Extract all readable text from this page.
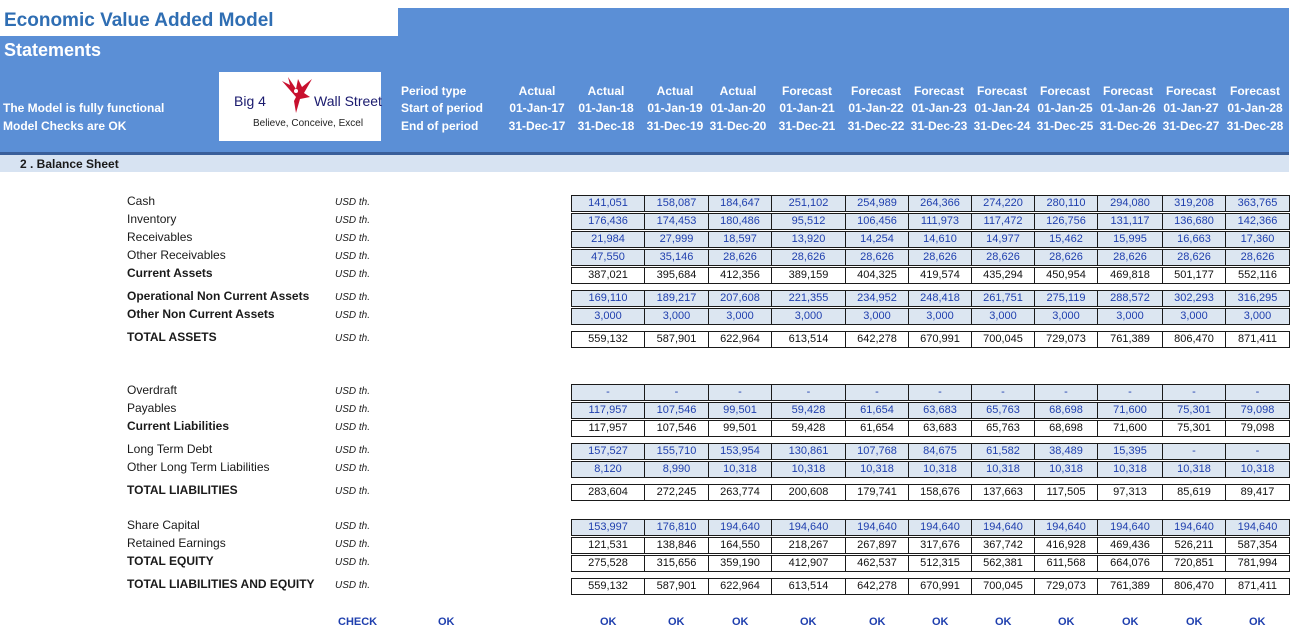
Economic Value Added Model
Statements
The Model is fully functional
Model Checks are OK
Big 4	Wall Street
Believe, Conceive, Excel
Period type
Start of period
End of period
Actual	Actual	Actual	Actual	Forecast	Forecast	Forecast	Forecast	Forecast	Forecast	Forecast	Forecast
01-Jan-17	01-Jan-18	01-Jan-19 01-Jan-20	01-Jan-21	01-Jan-22 01-Jan-23 01-Jan-24 01-Jan-25 01-Jan-26 01-Jan-27 01-Jan-28
31-Dec-17	31-Dec-18	31-Dec-19 31-Dec-20	31-Dec-21	31-Dec-22 31-Dec-23 31-Dec-24 31-Dec-25 31-Dec-26 31-Dec-27 31-Dec-28
2 . Balance Sheet
Cash	USD th.	141,051	158,087	184,647	251,102	254,989	264,366	274,220	280,110	294,080	319,208	363,765
Inventory	USD th.	176,436	174,453	180,486	95,512	106,456	111,973	117,472	126,756	131,117	136,680	142,366
Receivables	USD th.	21,984	27,999	18,597	13,920	14,254	14,610	14,977	15,462	15,995	16,663	17,360
Other Receivables	USD th.	47,550	35,146	28,626	28,626	28,626	28,626	28,626	28,626	28,626	28,626	28,626
Current Assets	USD th.	387,021	395,684	412,356	389,159	404,325	419,574	435,294	450,954	469,818	501,177	552,116
Operational Non Current Assets	USD th.	169,110	189,217	207,608	221,355	234,952	248,418	261,751	275,119	288,572	302,293	316,295
Other Non Current Assets	USD th.	3,000	3,000	3,000	3,000	3,000	3,000	3,000	3,000	3,000	3,000	3,000
TOTAL ASSETS	USD th.	559,132	587,901	622,964	613,514	642,278	670,991	700,045	729,073	761,389	806,470	871,411
Overdraft	USD th.	-	-	-	-	-	-	-	-	-	-	-
Payables	USD th.	117,957	107,546	99,501	59,428	61,654	63,683	65,763	68,698	71,600	75,301	79,098
Current Liabilities	USD th.	117,957	107,546	99,501	59,428	61,654	63,683	65,763	68,698	71,600	75,301	79,098
Long Term Debt	USD th.	157,527	155,710	153,954	130,861	107,768	84,675	61,582	38,489	15,395	-	-
Other Long Term Liabilities	USD th.	8,120	8,990	10,318	10,318	10,318	10,318	10,318	10,318	10,318	10,318	10,318
TOTAL LIABILITIES	USD th.	283,604	272,245	263,774	200,608	179,741	158,676	137,663	117,505	97,313	85,619	89,417
Share Capital	USD th.	153,997	176,810	194,640	194,640	194,640	194,640	194,640	194,640	194,640	194,640	194,640
Retained Earnings	USD th.	121,531	138,846	164,550	218,267	267,897	317,676	367,742	416,928	469,436	526,211	587,354
TOTAL EQUITY	USD th.	275,528	315,656	359,190	412,907	462,537	512,315	562,381	611,568	664,076	720,851	781,994
TOTAL LIABILITIES AND EQUITY USD th.	559,132	587,901	622,964	613,514	642,278	670,991	700,045	729,073	761,389	806,470	871,411
CHECK	OK	OK	OK	OK	OK	OK	OK	OK	OK	OK	OK	OK
